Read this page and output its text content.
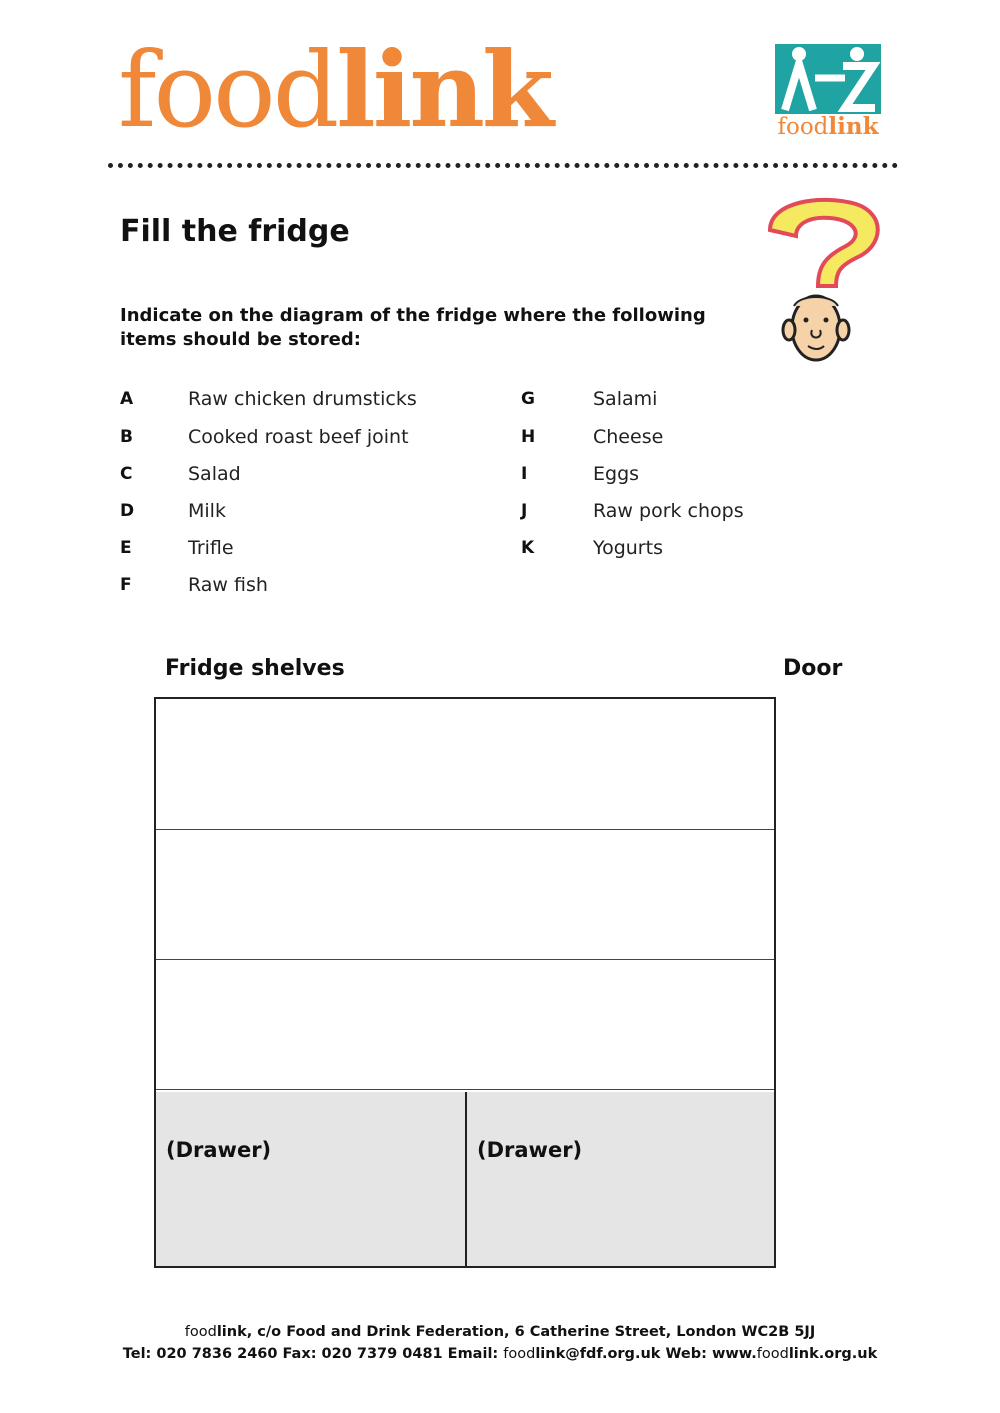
foodlink	foodlink
Fill the fridge
Indicate on the diagram of the fridge where the following items should be stored:
A	Raw chicken drumsticks
B	Cooked roast beef joint
C	Salad
D	Milk
E	Trifle
F	Raw fish
G	Salami
H	Cheese
I	Eggs
J	Raw pork chops
K	Yogurts
Fridge shelves	Door
(Drawer)	(Drawer)
foodlink, c/o Food and Drink Federation, 6 Catherine Street, London WC2B 5JJ
Tel: 020 7836 2460 Fax: 020 7379 0481 Email: foodlink@fdf.org.uk Web: www.foodlink.org.uk
